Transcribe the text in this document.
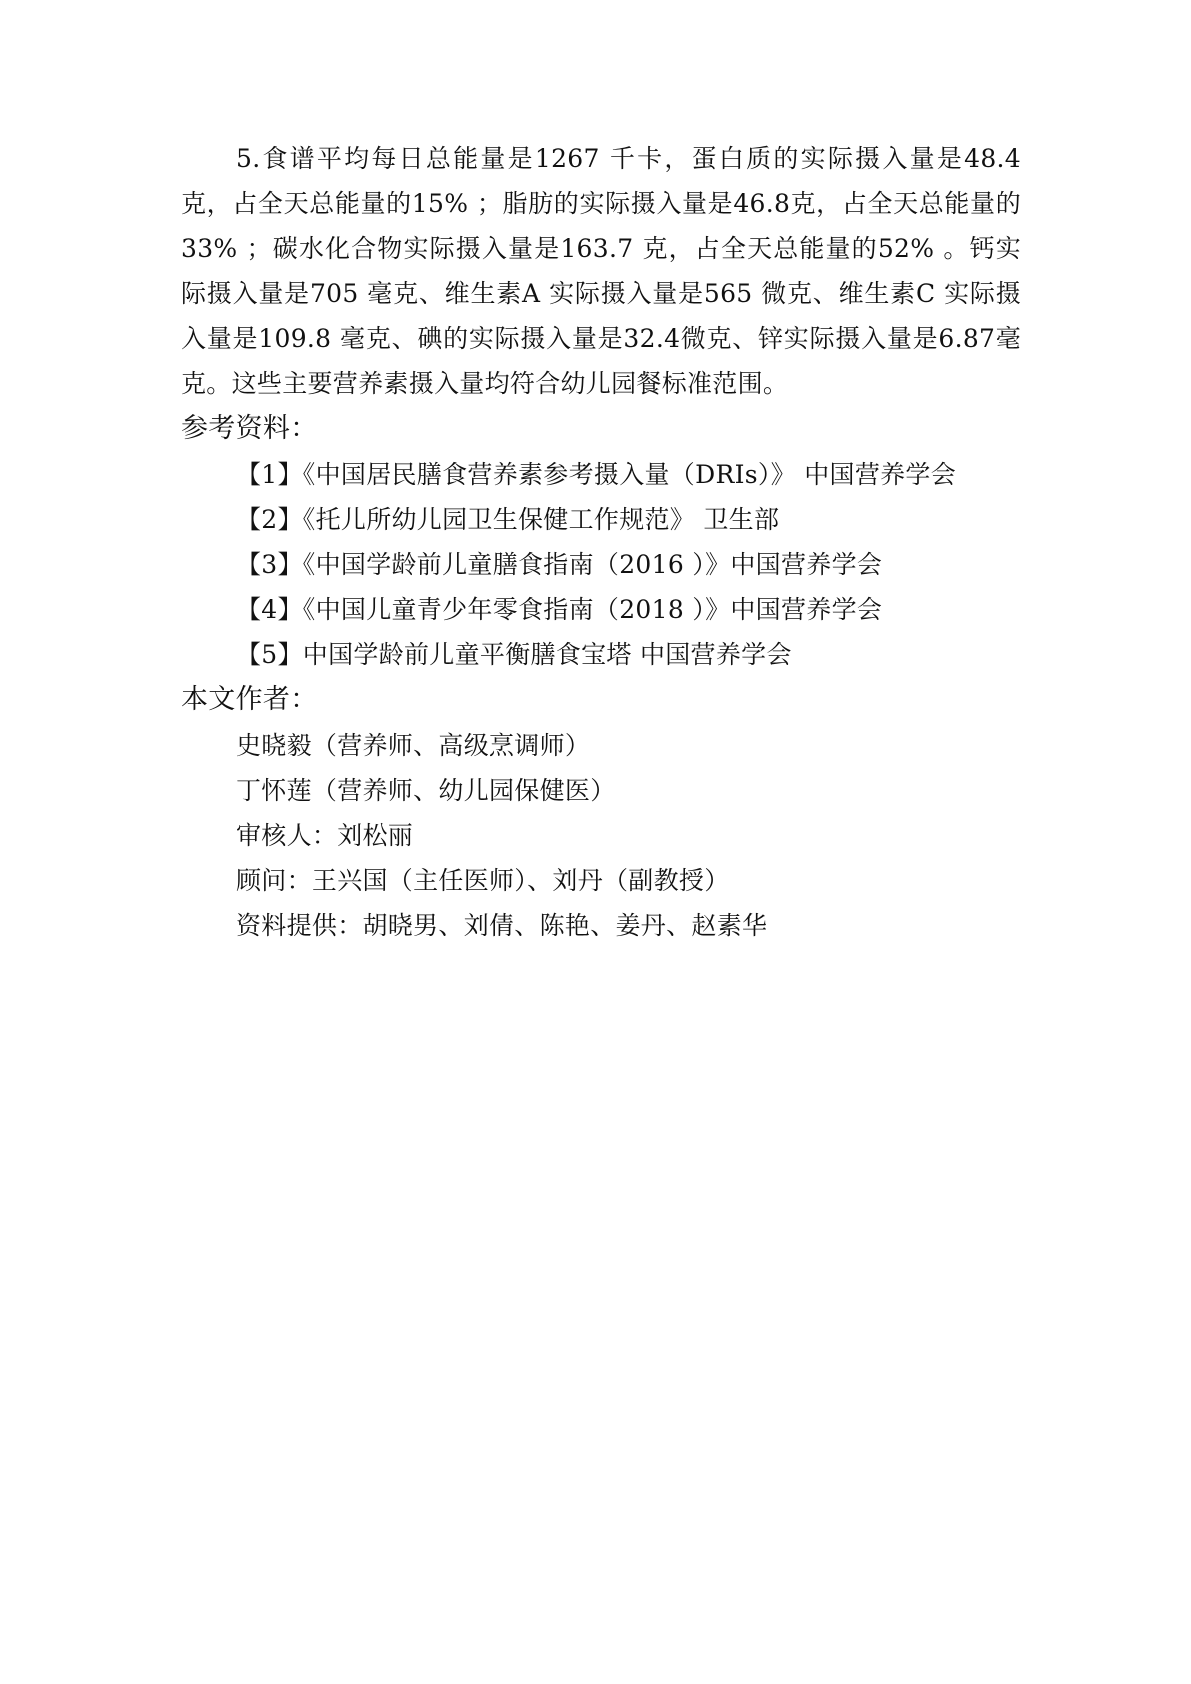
5.食谱平均每日总能量是1267 千卡，蛋白质的实际摄入量是48.4克，占全天总能量的15% ；脂肪的实际摄入量是46.8克，占全天总能量的33% ；碳水化合物实际摄入量是163.7 克，占全天总能量的52% 。钙实际摄入量是705 毫克、维生素A 实际摄入量是565 微克、维生素C 实际摄入量是109.8 毫克、碘的实际摄入量是32.4微克、锌实际摄入量是6.87毫克。这些主要营养素摄入量均符合幼儿园餐标准范围。

参考资料：

【1】《中国居民膳食营养素参考摄入量（DRIs）》 中国营养学会
【2】《托儿所幼儿园卫生保健工作规范》 卫生部
【3】《中国学龄前儿童膳食指南（2016 ）》中国营养学会
【4】《中国儿童青少年零食指南（2018 ）》中国营养学会
【5】中国学龄前儿童平衡膳食宝塔 中国营养学会

本文作者：

史晓毅（营养师、高级烹调师）
丁怀莲（营养师、幼儿园保健医）

审核人：刘松丽

顾问：王兴国（主任医师）、刘丹（副教授）

资料提供：胡晓男、刘倩、陈艳、姜丹、赵素华
